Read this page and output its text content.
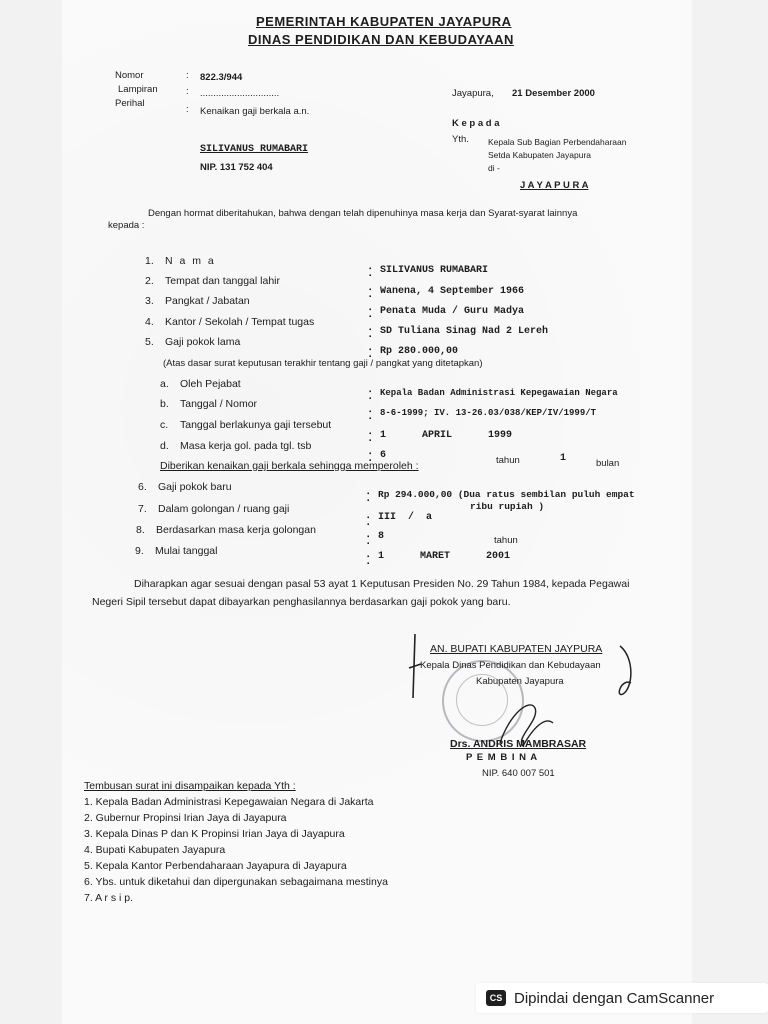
PEMERINTAH KABUPATEN JAYAPURA
DINAS PENDIDIKAN DAN KEBUDAYAAN
Nomor	: 822.3/944
Lampiran	: ..............................
Perihal
: Kenaikan gaji berkala a.n.
SILIVANUS RUMABARI
NIP. 131 752 404
Jayapura, 21 Desember 2000
K e p a d a
Yth. Kepala Sub Bagian Perbendaharaan
Setda Kabupaten Jayapura
di -
J A Y A P U R A
Dengan hormat diberitahukan, bahwa dengan telah dipenuhinya masa kerja dan Syarat-syarat lainnya
kepada :
1. N a m a
: SILIVANUS RUMABARI
2. Tempat dan tanggal lahir
: Wanena, 4 September 1966
3. Pangkat / Jabatan
: Penata Muda / Guru Madya
4. Kantor / Sekolah / Tempat tugas
: SD Tuliana Sinag Nad 2 Lereh
5. Gaji pokok lama
: Rp 280.000,00
(Atas dasar surat keputusan terakhir tentang gaji / pangkat yang ditetapkan)
a. Oleh Pejabat
: Kepala Badan Administrasi Kepegawaian Negara
b. Tanggal / Nomor
: 8-6-1999; IV. 13-26.03/038/KEP/IV/1999/T
c. Tanggal berlakunya gaji tersebut
: 1      APRIL      1999
d. Masa kerja gol. pada tgl. tsb
: 6	tahun	1	bulan
Diberikan kenaikan gaji berkala sehingga memperoleh :
6. Gaji pokok baru
: Rp 294.000,00 (Dua ratus sembilan puluh empat
ribu rupiah )
7. Dalam golongan / ruang gaji
: III  /  a
8. Berdasarkan masa kerja golongan
: 8	tahun
9. Mulai tanggal	: 1      MARET      2001
Diharapkan agar sesuai dengan pasal 53 ayat 1 Keputusan Presiden No. 29 Tahun 1984, kepada Pegawai
Negeri Sipil tersebut dapat dibayarkan penghasilannya berdasarkan gaji pokok yang baru.
AN. BUPATI KABUPATEN JAYPURA
Kepala Dinas Pendidikan dan Kebudayaan
Kabupaten Jayapura
Drs. ANDRIS MAMBRASAR
P E M B I N A
NIP. 640 007 501
Tembusan surat ini disampaikan kepada Yth :
1. Kepala Badan Administrasi Kepegawaian Negara di Jakarta
2. Gubernur Propinsi Irian Jaya di Jayapura
3. Kepala Dinas P dan K Propinsi Irian Jaya di Jayapura
4. Bupati Kabupaten Jayapura
5. Kepala Kantor Perbendaharaan Jayapura di Jayapura
6. Ybs. untuk diketahui dan dipergunakan sebagaimana mestinya
7. A r s i p.
CS Dipindai dengan CamScanner
